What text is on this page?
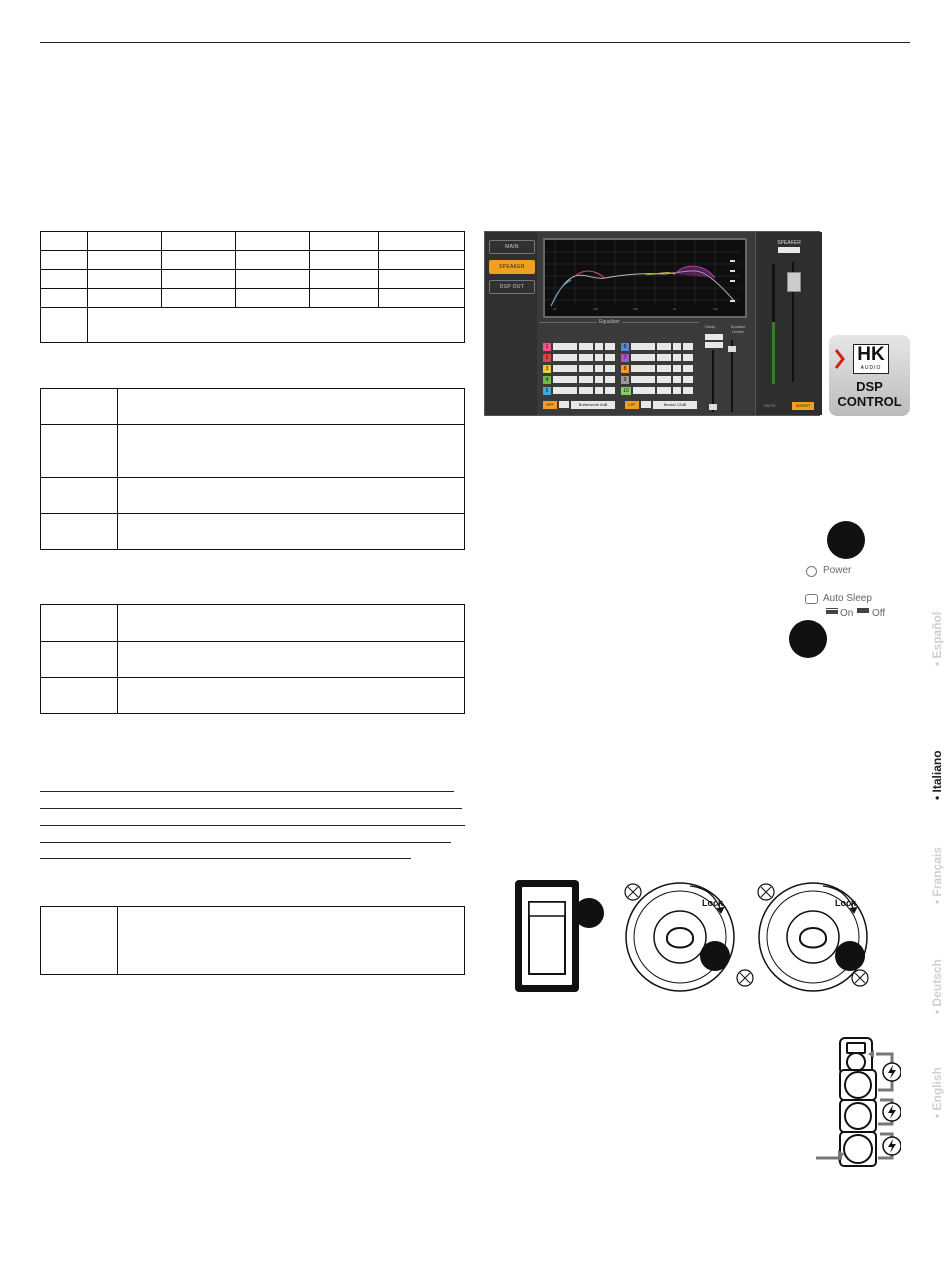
MAIN
SPEAKER
DSP OUT
20	100	500	2k	10k
Equalizer
1
2
3
4
5
6
7
8
9
10
HPF	Butterworth 6dB	LPF	Bessel 12dB
Delay	Speaker Limiter
SPEAKER
MUTE	INVERT
HK
AUDIO
DSP
CONTROL
Power
Auto Sleep
On Off	• Español
• Italiano
• Français
• Deutsch
• English
Lock	Lock
